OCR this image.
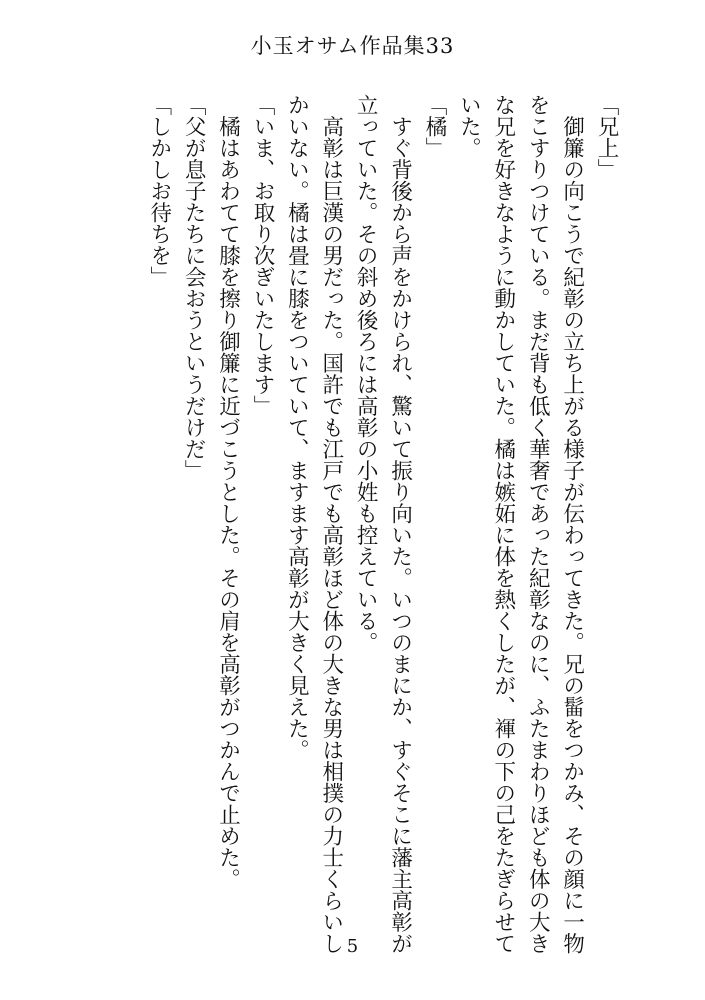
小玉オサム作品集33
「兄上」
　御簾の向こうで紀彰の立ち上がる様子が伝わってきた。兄の髷をつかみ、その顔に一物
をこすりつけている。まだ背も低く華奢であった紀彰なのに、ふたまわりほども体の大き
な兄を好きなように動かしていた。橘は嫉妬に体を熱くしたが、褌の下の己をたぎらせて
いた。
「橘」
　すぐ背後から声をかけられ、驚いて振り向いた。いつのまにか、すぐそこに藩主高彰が
立っていた。その斜め後ろには高彰の小姓も控えている。
　高彰は巨漢の男だった。国許でも江戸でも高彰ほど体の大きな男は相撲の力士くらいし
かいない。橘は畳に膝をついていて、ますます高彰が大きく見えた。
「いま、お取り次ぎいたします」
　橘はあわてて膝を擦り御簾に近づこうとした。その肩を高彰がつかんで止めた。
「父が息子たちに会おうというだけだ」
「しかしお待ちを」
5
